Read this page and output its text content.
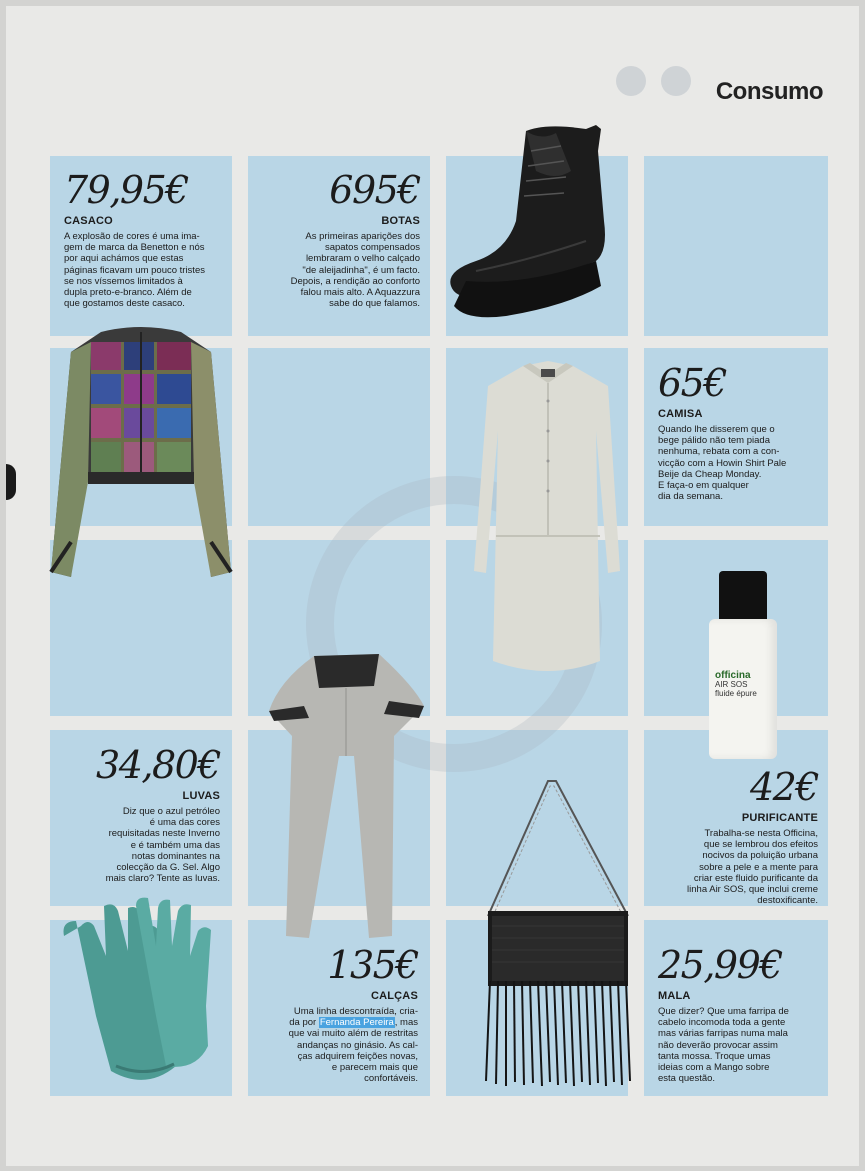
Consumo
79,95€
CASACO
A explosão de cores é uma ima-
gem de marca da Benetton e nós
por aqui achámos que estas
páginas ficavam um pouco tristes
se nos víssemos limitados à
dupla preto-e-branco. Além de
que gostamos deste casaco.
695€
BOTAS
As primeiras aparições dos
sapatos compensados
lembraram o velho calçado
"de aleijadinha", é um facto.
Depois, a rendição ao conforto
falou mais alto. A Aquazzura
sabe do que falamos.
65€
CAMISA
Quando lhe disserem que o
bege pálido não tem piada
nenhuma, rebata com a con-
vicção com a Howin Shirt Pale
Beije da Cheap Monday.
E faça-o em qualquer
dia da semana.
34,80€
LUVAS
Diz que o azul petróleo
é uma das cores
requisitadas neste Inverno
e é também uma das
notas dominantes na
colecção da G. Sel. Algo
mais claro? Tente as luvas.
42€
PURIFICANTE
Trabalha-se nesta Officina,
que se lembrou dos efeitos
nocivos da poluição urbana
sobre a pele e a mente para
criar este fluido purificante da
linha Air SOS, que inclui creme
destoxificante.
135€
CALÇAS
Uma linha descontraída, cria-
da por Fernanda Pereira, mas
que vai muito além de restritas
andanças no ginásio. As cal-
ças adquirem feições novas,
e parecem mais que
confortáveis.
25,99€
MALA
Que dizer? Que uma farripa de
cabelo incomoda toda a gente
mas várias farripas numa mala
não deverão provocar assim
tanta mossa. Troque umas
ideias com a Mango sobre
esta questão.
officina
AIR SOS
fluide épure
